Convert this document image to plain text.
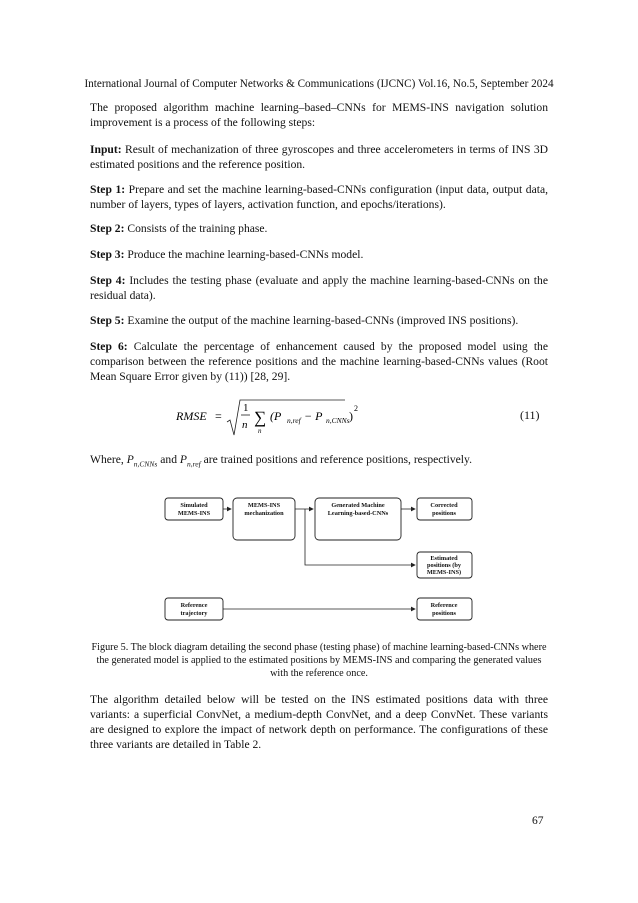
International Journal of Computer Networks & Communications (IJCNC) Vol.16, No.5, September 2024
The proposed algorithm machine learning–based–CNNs for MEMS-INS navigation solution improvement is a process of the following steps:
Input: Result of mechanization of three gyroscopes and three accelerometers in terms of INS 3D estimated positions and the reference position.
Step 1: Prepare and set the machine learning-based-CNNs configuration (input data, output data, number of layers, types of layers, activation function, and epochs/iterations).
Step 2: Consists of the training phase.
Step 3: Produce the machine learning-based-CNNs model.
Step 4: Includes the testing phase (evaluate and apply the machine learning-based-CNNs on the residual data).
Step 5: Examine the output of the machine learning-based-CNNs (improved INS positions).
Step 6: Calculate the percentage of enhancement caused by the proposed model using the comparison between the reference positions and the machine learning-based-CNNs values (Root Mean Square Error given by (11)) [28, 29].
RMSE =
1
n ∑
n
(P n,ref − P n,CNNs )
2	(11)
Where, $P_{n,CNNs}$ and $P_{n,ref}$ are trained positions and reference positions, respectively.
Simulated
MEMS-INS
MEMS-INS
mechanization
Generated Machine
Learning-based-CNNs
Corrected
positions
Estimated
positions (by
MEMS-INS)
Reference
trajectory
Reference
positions
Figure 5. The block diagram detailing the second phase (testing phase) of machine learning-based-CNNs where the generated model is applied to the estimated positions by MEMS-INS and comparing the generated values with the reference once.
The algorithm detailed below will be tested on the INS estimated positions data with three variants: a superficial ConvNet, a medium-depth ConvNet, and a deep ConvNet. These variants are designed to explore the impact of network depth on performance. The configurations of these three variants are detailed in Table 2.
67
